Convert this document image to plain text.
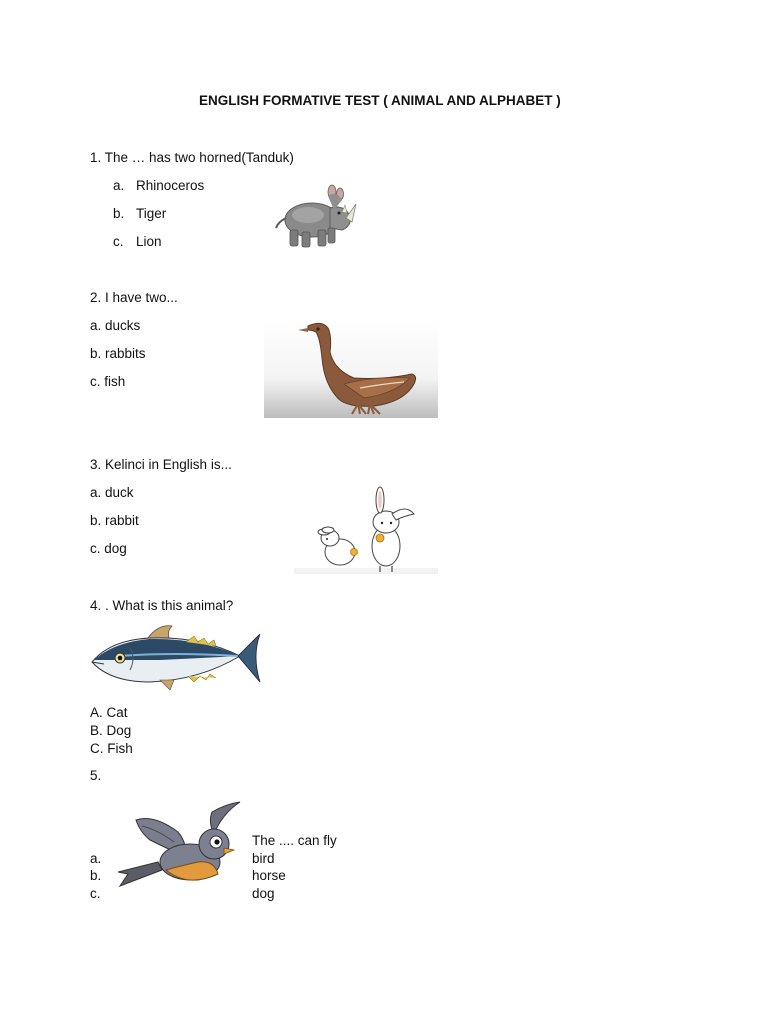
ENGLISH FORMATIVE TEST ( ANIMAL AND ALPHABET )
1. The … has two horned(Tanduk)
a. Rhinoceros
b. Tiger
c. Lion
2. I have two...
a. ducks
b. rabbits
c. fish
3. Kelinci in English is...
a. duck
b. rabbit
c. dog
4. . What is this animal?
A. Cat
B. Dog
C. Fish
5.
The .... can fly
a.	bird
b.	horse
c.	dog
